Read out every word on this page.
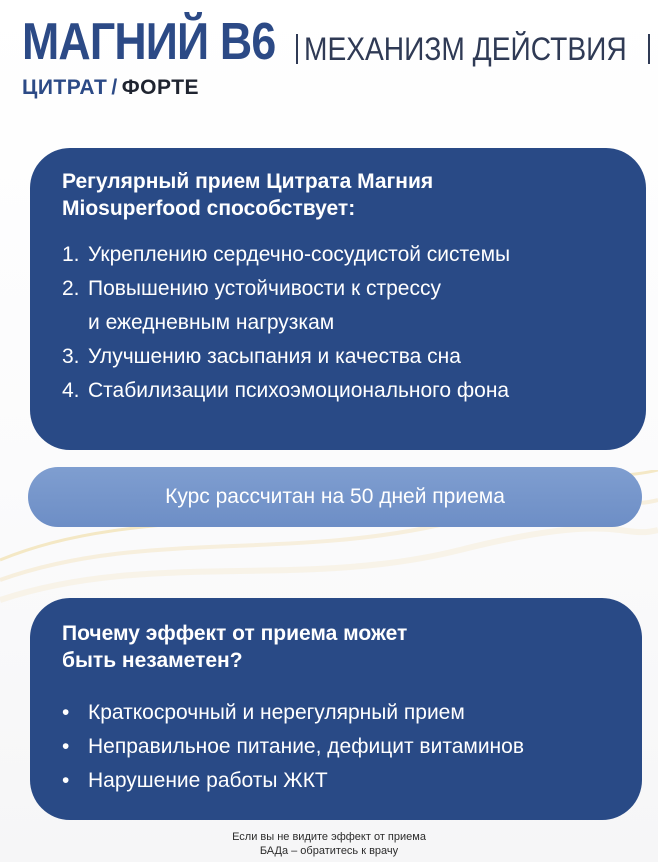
МАГНИЙ В6 МЕХАНИЗМ ДЕЙСТВИЯ
ЦИТРАТ / ФОРТЕ

Регулярный прием Цитрата Магния
Miosuperfood способствует:

1. Укреплению сердечно-сосудистой системы
2. Повышению устойчивости к стрессу
и ежедневным нагрузкам
3. Улучшению засыпания и качества сна
4. Стабилизации психоэмоционального фона
Курс рассчитан на 50 дней приема

Почему эффект от приема может
быть незаметен?

• Краткосрочный и нерегулярный прием
• Неправильное питание, дефицит витаминов
• Нарушение работы ЖКТ
Если вы не видите эффект от приема
БАДа – обратитесь к врачу
